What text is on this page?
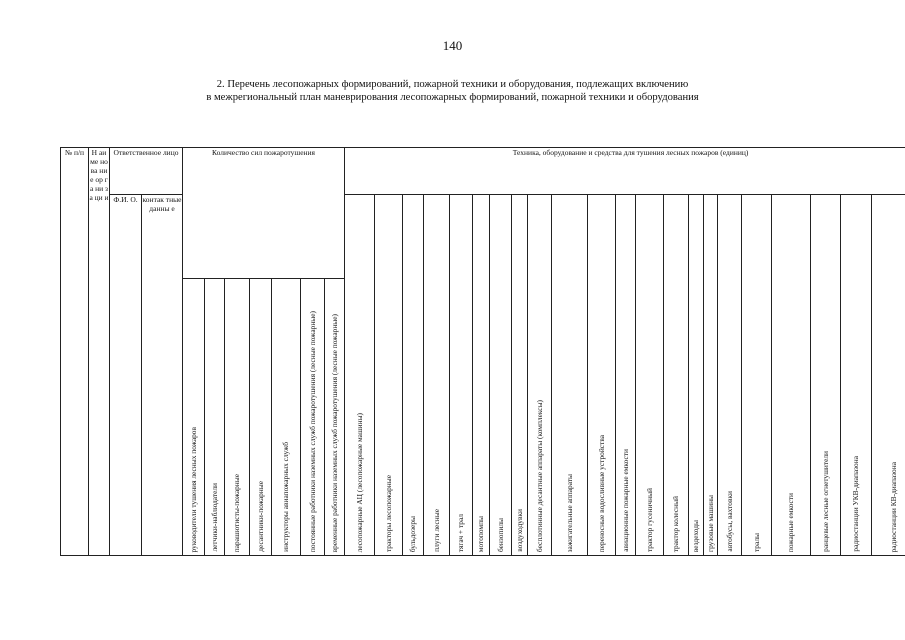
140
2. Перечень лесопожарных формирований, пожарной техники и оборудования, подлежащих включению
в межрегиональный план маневрирования лесопожарных формирований, пожарной техники и оборудования
№ п/п	Н аи ме но ва ни е ор га ни за ци и	Ответственное лицо		Количество сил пожаротушения							Техника, оборудование и средства для тушения лесных пожаров (единиц)																					
		Ф.И. О.	контак тные данны е								лесопожарные АЦ (лесопожарные машины)	тракторы лесопожарные	бульдозеры	плуги лесные	тягач + трал	мотопомпы	бензопилы	воздуходувки	бесплотинные десантные аппараты (комплексы)	зажигательные аппараты	переносные водосливные устройства	авиационные пожарные емкости	трактор гусеничный	трактор колесный	вездеходы	грузовые машины	автобусы, вахтовки	тралы	пожарные емкости	ранцевые лесные огнетушители	радиостанции УКВ-диапазона	радиостанции КВ-диапазона

				руководители тушения лесных пожаров	летчики-наблюдатели	парашютисты-пожарные	десантники-пожарные	инструкторы авиапожарных служб	постоянные работники наземных служб пожаротушения (лесные пожарные)	временные работники наземных служб пожаротушения (лесные пожарные)																						
